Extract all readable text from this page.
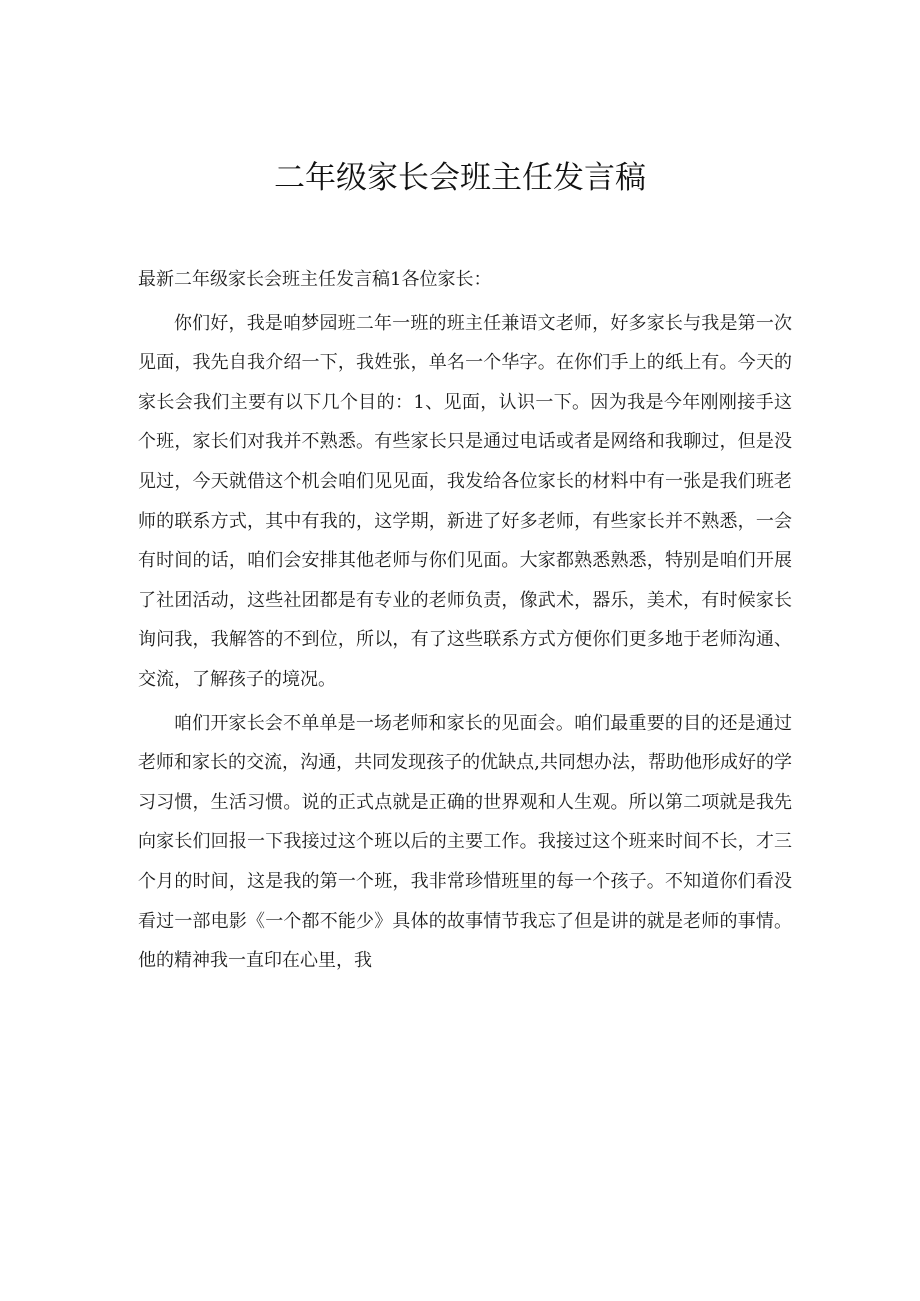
二年级家长会班主任发言稿

最新二年级家长会班主任发言稿1各位家长：

你们好，我是咱梦园班二年一班的班主任兼语文老师，好多家长与我是第一次见面，我先自我介绍一下，我姓张，单名一个华字。在你们手上的纸上有。今天的家长会我们主要有以下几个目的：1、见面，认识一下。因为我是今年刚刚接手这个班，家长们对我并不熟悉。有些家长只是通过电话或者是网络和我聊过，但是没见过，今天就借这个机会咱们见见面，我发给各位家长的材料中有一张是我们班老师的联系方式，其中有我的，这学期，新进了好多老师，有些家长并不熟悉，一会有时间的话，咱们会安排其他老师与你们见面。大家都熟悉熟悉，特别是咱们开展了社团活动，这些社团都是有专业的老师负责，像武术，器乐，美术，有时候家长询问我，我解答的不到位，所以，有了这些联系方式方便你们更多地于老师沟通、交流，了解孩子的境况。

咱们开家长会不单单是一场老师和家长的见面会。咱们最重要的目的还是通过老师和家长的交流，沟通，共同发现孩子的优缺点,共同想办法，帮助他形成好的学习习惯，生活习惯。说的正式点就是正确的世界观和人生观。所以第二项就是我先向家长们回报一下我接过这个班以后的主要工作。我接过这个班来时间不长，才三个月的时间，这是我的第一个班，我非常珍惜班里的每一个孩子。不知道你们看没看过一部电影《一个都不能少》具体的故事情节我忘了但是讲的就是老师的事情。他的精神我一直印在心里，我
